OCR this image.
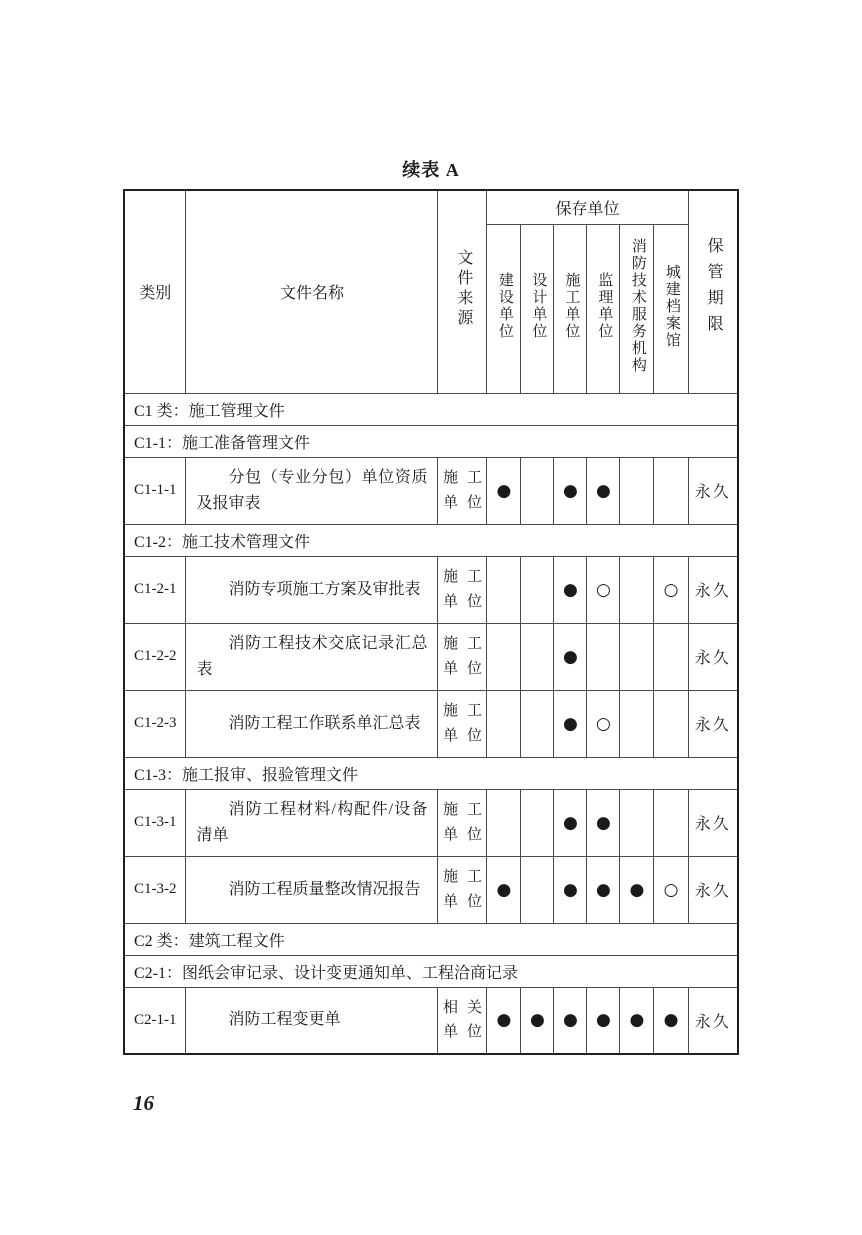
续表 A
类别	文件名称	文件来源	保存单位						保管期限
			建设单位	设计单位	施工单位	监理单位	消防技术服务机构	城建档案馆	
C1 类：施工管理文件									
C1-1：施工准备管理文件									
C1-1-1	分包（专业分包）单位资质及报审表	施工单位	●		●	●			永久
C1-2：施工技术管理文件									
C1-2-1	消防专项施工方案及审批表	施工单位			●	○		○	永久
C1-2-2	消防工程技术交底记录汇总表	施工单位			●				永久
C1-2-3	消防工程工作联系单汇总表	施工单位			●	○			永久
C1-3：施工报审、报验管理文件									
C1-3-1	消防工程材料/构配件/设备清单	施工单位			●	●			永久
C1-3-2	消防工程质量整改情况报告	施工单位	●		●	●	●	○	永久
C2 类：建筑工程文件									
C2-1：图纸会审记录、设计变更通知单、工程洽商记录									
C2-1-1	消防工程变更单	相关单位	●	●	●	●	●	●	永久
16
